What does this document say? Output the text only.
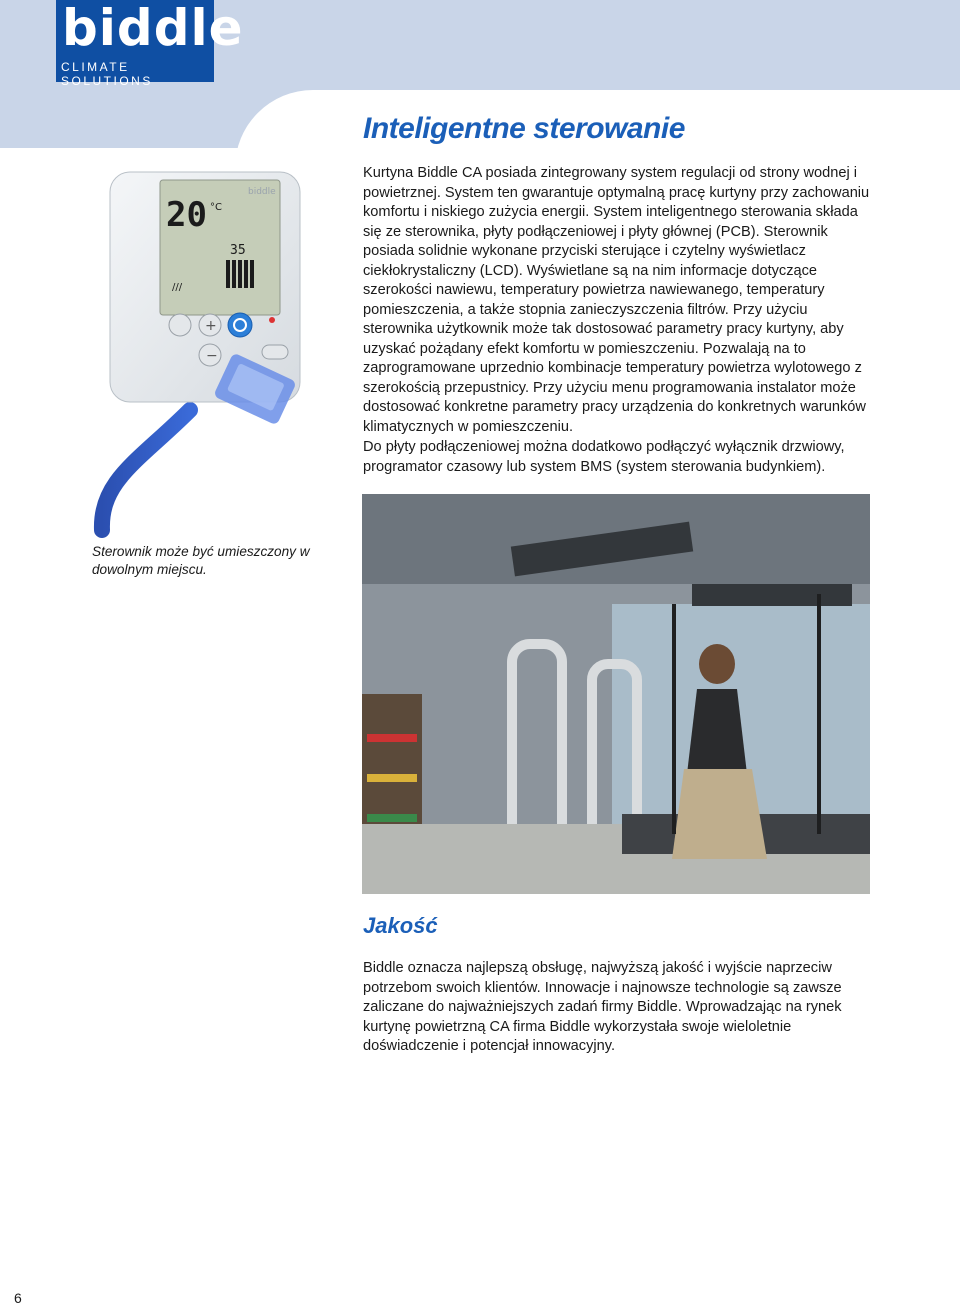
biddle
CLIMATE SOLUTIONS
Inteligentne sterowanie

Kurtyna Biddle CA posiada zintegrowany system regulacji od strony wodnej i powietrznej. System ten gwarantuje optymalną pracę kurtyny przy zachowaniu komfortu i niskiego zużycia energii. System inteligentnego sterowania składa się ze sterownika, płyty podłączeniowej i płyty głównej (PCB). Sterownik posiada solidnie wykonane przyciski sterujące i czytelny wyświetlacz ciekłokrystaliczny (LCD). Wyświetlane są na nim informacje dotyczące szerokości nawiewu, temperatury powietrza nawiewanego, temperatury pomieszczenia, a także stopnia zanieczyszczenia filtrów. Przy użyciu sterownika użytkownik może tak dostosować parametry pracy kurtyny, aby uzyskać pożądany efekt komfortu w pomieszczeniu. Pozwalają na to zaprogramowane uprzednio kombinacje temperatury powietrza wylotowego z szerokością przepustnicy. Przy użyciu menu programowania instalator może dostosować konkretne parametry pracy urządzenia do konkretnych warunków klimatycznych w pomieszczeniu.

Do płyty podłączeniowej można dodatkowo podłączyć wyłącznik drzwiowy, programator czasowy lub system BMS (system sterowania budynkiem).

biddle
20 °C
35
///
+
−

Sterownik może być umieszczony w dowolnym miejscu.

Jakość

Biddle oznacza najlepszą obsługę, najwyższą jakość i wyjście naprzeciw potrzebom swoich klientów. Innowacje i najnowsze technologie są zawsze zaliczane do najważniejszych zadań firmy Biddle. Wprowadzając na rynek kurtynę powietrzną CA firma Biddle wykorzystała swoje wieloletnie doświadczenie i potencjał innowacyjny.

6
